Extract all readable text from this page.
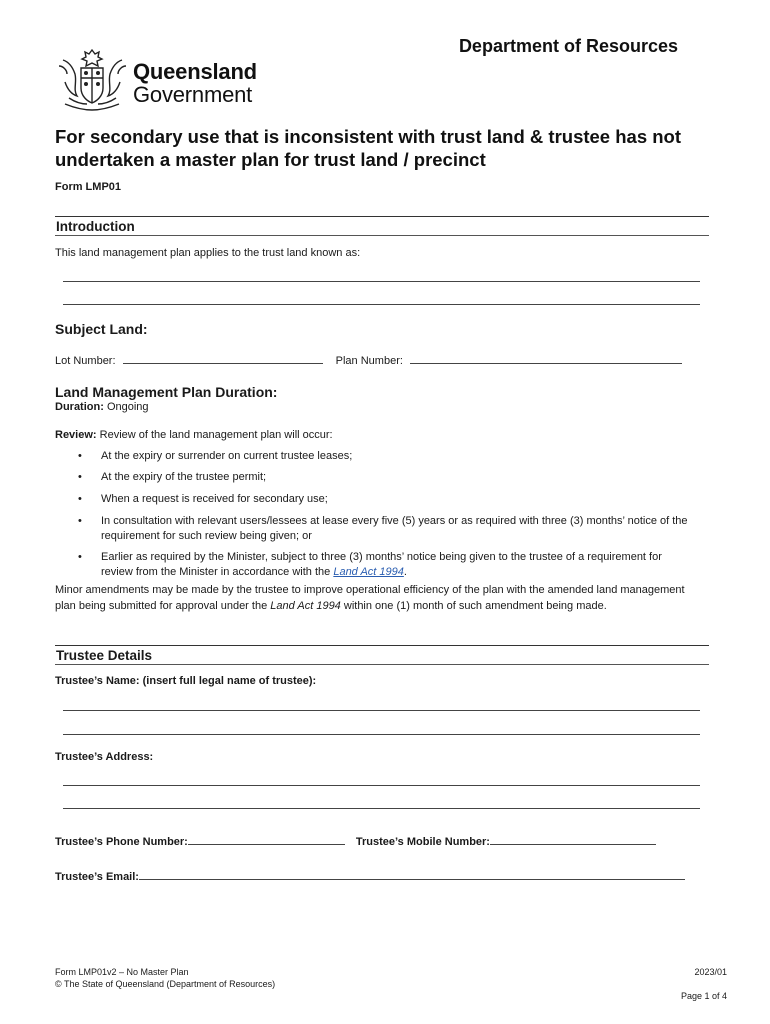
Department of Resources
Queensland
Government
For secondary use that is inconsistent with trust land & trustee has not undertaken a master plan for trust land / precinct
Form LMP01
Introduction
This land management plan applies to the trust land known as:
Subject Land:
Lot Number:	Plan Number:
Land Management Plan Duration:
Duration: Ongoing
Review: Review of the land management plan will occur:
• At the expiry or surrender on current trustee leases;
• At the expiry of the trustee permit;
• When a request is received for secondary use;
• In consultation with relevant users/lessees at lease every five (5) years or as required with three (3) months’ notice of the requirement for such review being given; or
• Earlier as required by the Minister, subject to three (3) months’ notice being given to the trustee of a requirement for review from the Minister in accordance with the Land Act 1994.
Minor amendments may be made by the trustee to improve operational efficiency of the plan with the amended land management plan being submitted for approval under the Land Act 1994 within one (1) month of such amendment being made.
Trustee Details
Trustee’s Name: (insert full legal name of trustee):
Trustee’s Address:
Trustee’s Phone Number:	Trustee’s Mobile Number:
Trustee’s Email:
Form LMP01v2 – No Master Plan
© The State of Queensland (Department of Resources)
2023/01
Page 1 of 4
